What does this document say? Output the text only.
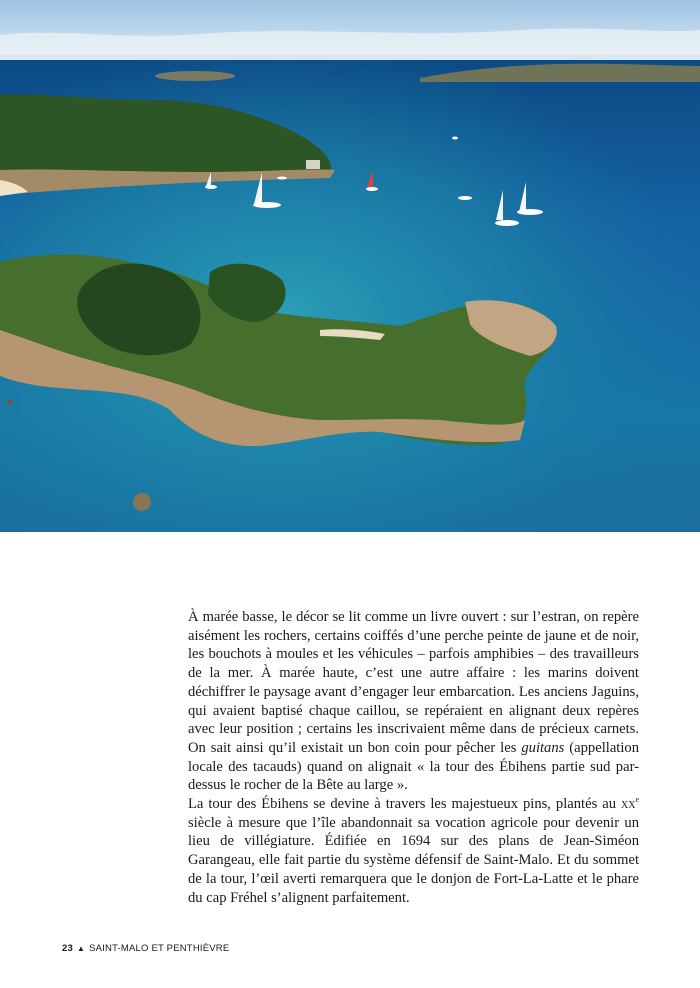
À marée basse, le décor se lit comme un livre ouvert : sur l’estran, on repère aisément les rochers, certains coiffés d’une perche peinte de jaune et de noir, les bouchots à moules et les véhicules – parfois amphibies – des travailleurs de la mer. À marée haute, c’est une autre affaire : les marins doivent déchiffrer le paysage avant d’engager leur embarcation. Les anciens Jaguins, qui avaient baptisé chaque caillou, se repéraient en alignant deux repères avec leur position ; certains les inscrivaient même dans de précieux carnets. On sait ainsi qu’il existait un bon coin pour pêcher les guitans (appellation locale des tacauds) quand on alignait « la tour des Ébihens partie sud par-dessus le rocher de la Bête au large ».

La tour des Ébihens se devine à travers les majestueux pins, plantés au $xx^e$ siècle à mesure que l’île abandonnait sa vocation agricole pour devenir un lieu de villégiature. Édifiée en 1694 sur des plans de Jean-Siméon Garangeau, elle fait partie du système défensif de Saint-Malo. Et du sommet de la tour, l’œil averti remarquera que le donjon de Fort-La-Latte et le phare du cap Fréhel s’alignent parfaitement.

23 ▲ SAINT-MALO ET PENTHIÈVRE
